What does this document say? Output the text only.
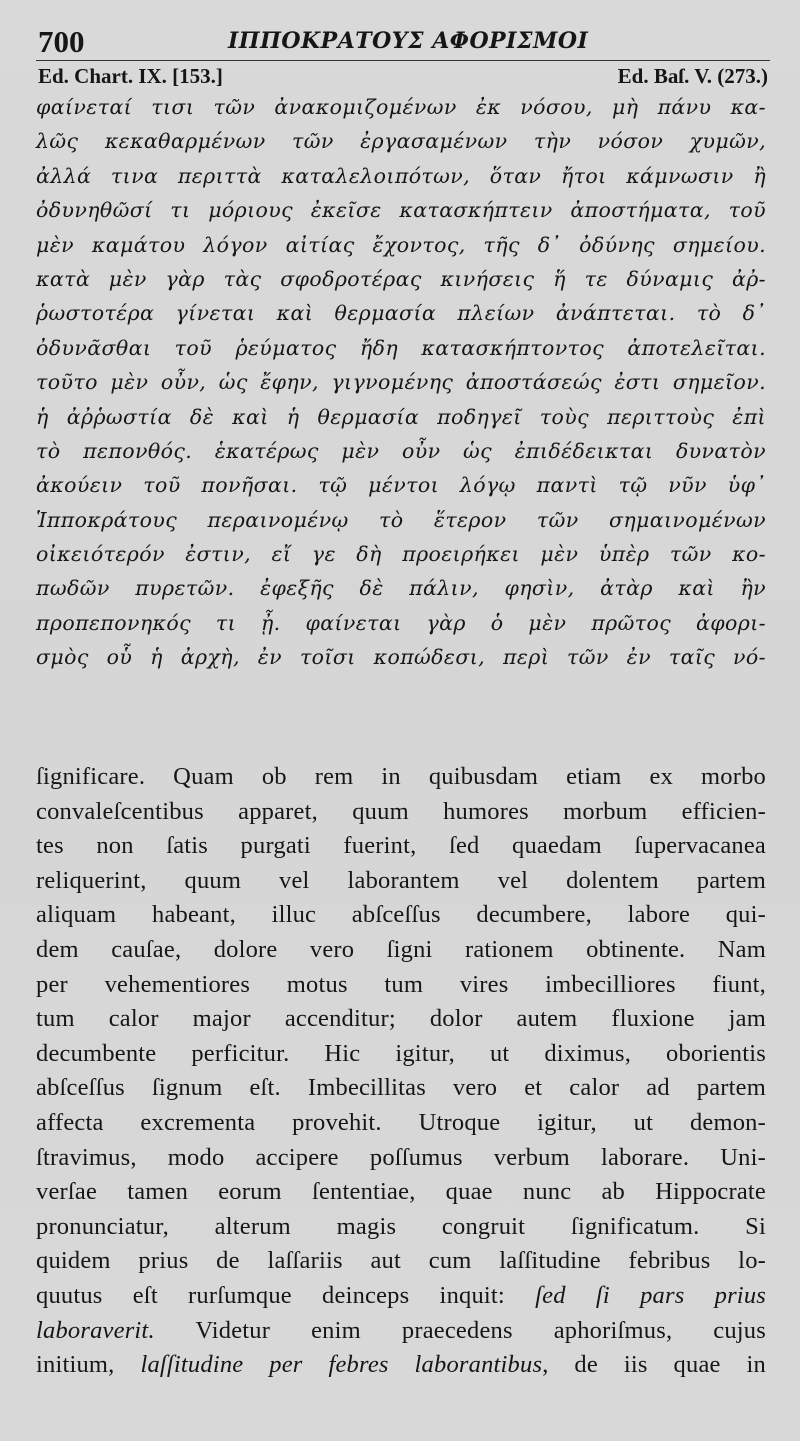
700	ΙΠΠΟΚΡΑΤΟΥΣ ΑΦΟΡΙΣΜΟΙ
Ed. Chart. IX. [153.]	Ed. Baſ. V. (273.)
φαίνεταί τισι τῶν ἀνακομιζομένων ἐκ νόσου, μὴ πάνυ κα-
λῶς κεκαθαρμένων τῶν ἐργασαμένων τὴν νόσον χυμῶν,
ἀλλά τινα περιττὰ καταλελοιπότων, ὅταν ἤτοι κάμνωσιν ἢ
ὀδυνηθῶσί τι μόριους ἐκεῖσε κατασκήπτειν ἀποστήματα, τοῦ
μὲν καμάτου λόγον αἰτίας ἔχοντος, τῆς δ᾽ ὀδύνης σημείου.
κατὰ μὲν γὰρ τὰς σφοδροτέρας κινήσεις ἥ τε δύναμις ἀῤ-
ῥωστοτέρα γίνεται καὶ θερμασία πλείων ἀνάπτεται. τὸ δ᾽
ὀδυνᾶσθαι τοῦ ῥεύματος ἤδη κατασκήπτοντος ἀποτελεῖται.
τοῦτο μὲν οὖν, ὡς ἔφην, γιγνομένης ἀποστάσεώς ἐστι σημεῖον.
ἡ ἀῤῥωστία δὲ καὶ ἡ θερμασία ποδηγεῖ τοὺς περιττοὺς ἐπὶ
τὸ πεπονθός. ἑκατέρως μὲν οὖν ὡς ἐπιδέδεικται δυνατὸν
ἀκούειν τοῦ πονῆσαι. τῷ μέντοι λόγῳ παντὶ τῷ νῦν ὑφ᾽
Ἱπποκράτους περαινομένῳ τὸ ἕτερον τῶν σημαινομένων
οἰκειότερόν ἐστιν, εἴ γε δὴ προειρήκει μὲν ὑπὲρ τῶν κο-
πωδῶν πυρετῶν. ἐφεξῆς δὲ πάλιν, φησὶν, ἀτὰρ καὶ ἢν
προπεπονηκός τι ᾖ. φαίνεται γὰρ ὁ μὲν πρῶτος ἀφορι-
σμὸς οὗ ἡ ἀρχὴ, ἐν τοῖσι κοπώδεσι, περὶ τῶν ἐν ταῖς νό-
ſignificare. Quam ob rem in quibusdam etiam ex morbo
convaleſcentibus apparet, quum humores morbum efficien-
tes non ſatis purgati fuerint, ſed quaedam ſupervacanea
reliquerint, quum vel laborantem vel dolentem partem
aliquam habeant, illuc abſceſſus decumbere, labore qui-
dem cauſae, dolore vero ſigni rationem obtinente. Nam
per vehementiores motus tum vires imbecilliores fiunt,
tum calor major accenditur; dolor autem fluxione jam
decumbente perficitur. Hic igitur, ut diximus, oborientis
abſceſſus ſignum eſt. Imbecillitas vero et calor ad partem
affecta excrementa provehit. Utroque igitur, ut demon-
ſtravimus, modo accipere poſſumus verbum laborare. Uni-
verſae tamen eorum ſententiae, quae nunc ab Hippocrate
pronunciatur, alterum magis congruit ſignificatum. Si
quidem prius de laſſariis aut cum laſſitudine febribus lo-
quutus eſt rurſumque deinceps inquit: ſed ſi pars prius
laboraverit. Videtur enim praecedens aphoriſmus, cujus
initium, laſſitudine per febres laborantibus, de iis quae in
